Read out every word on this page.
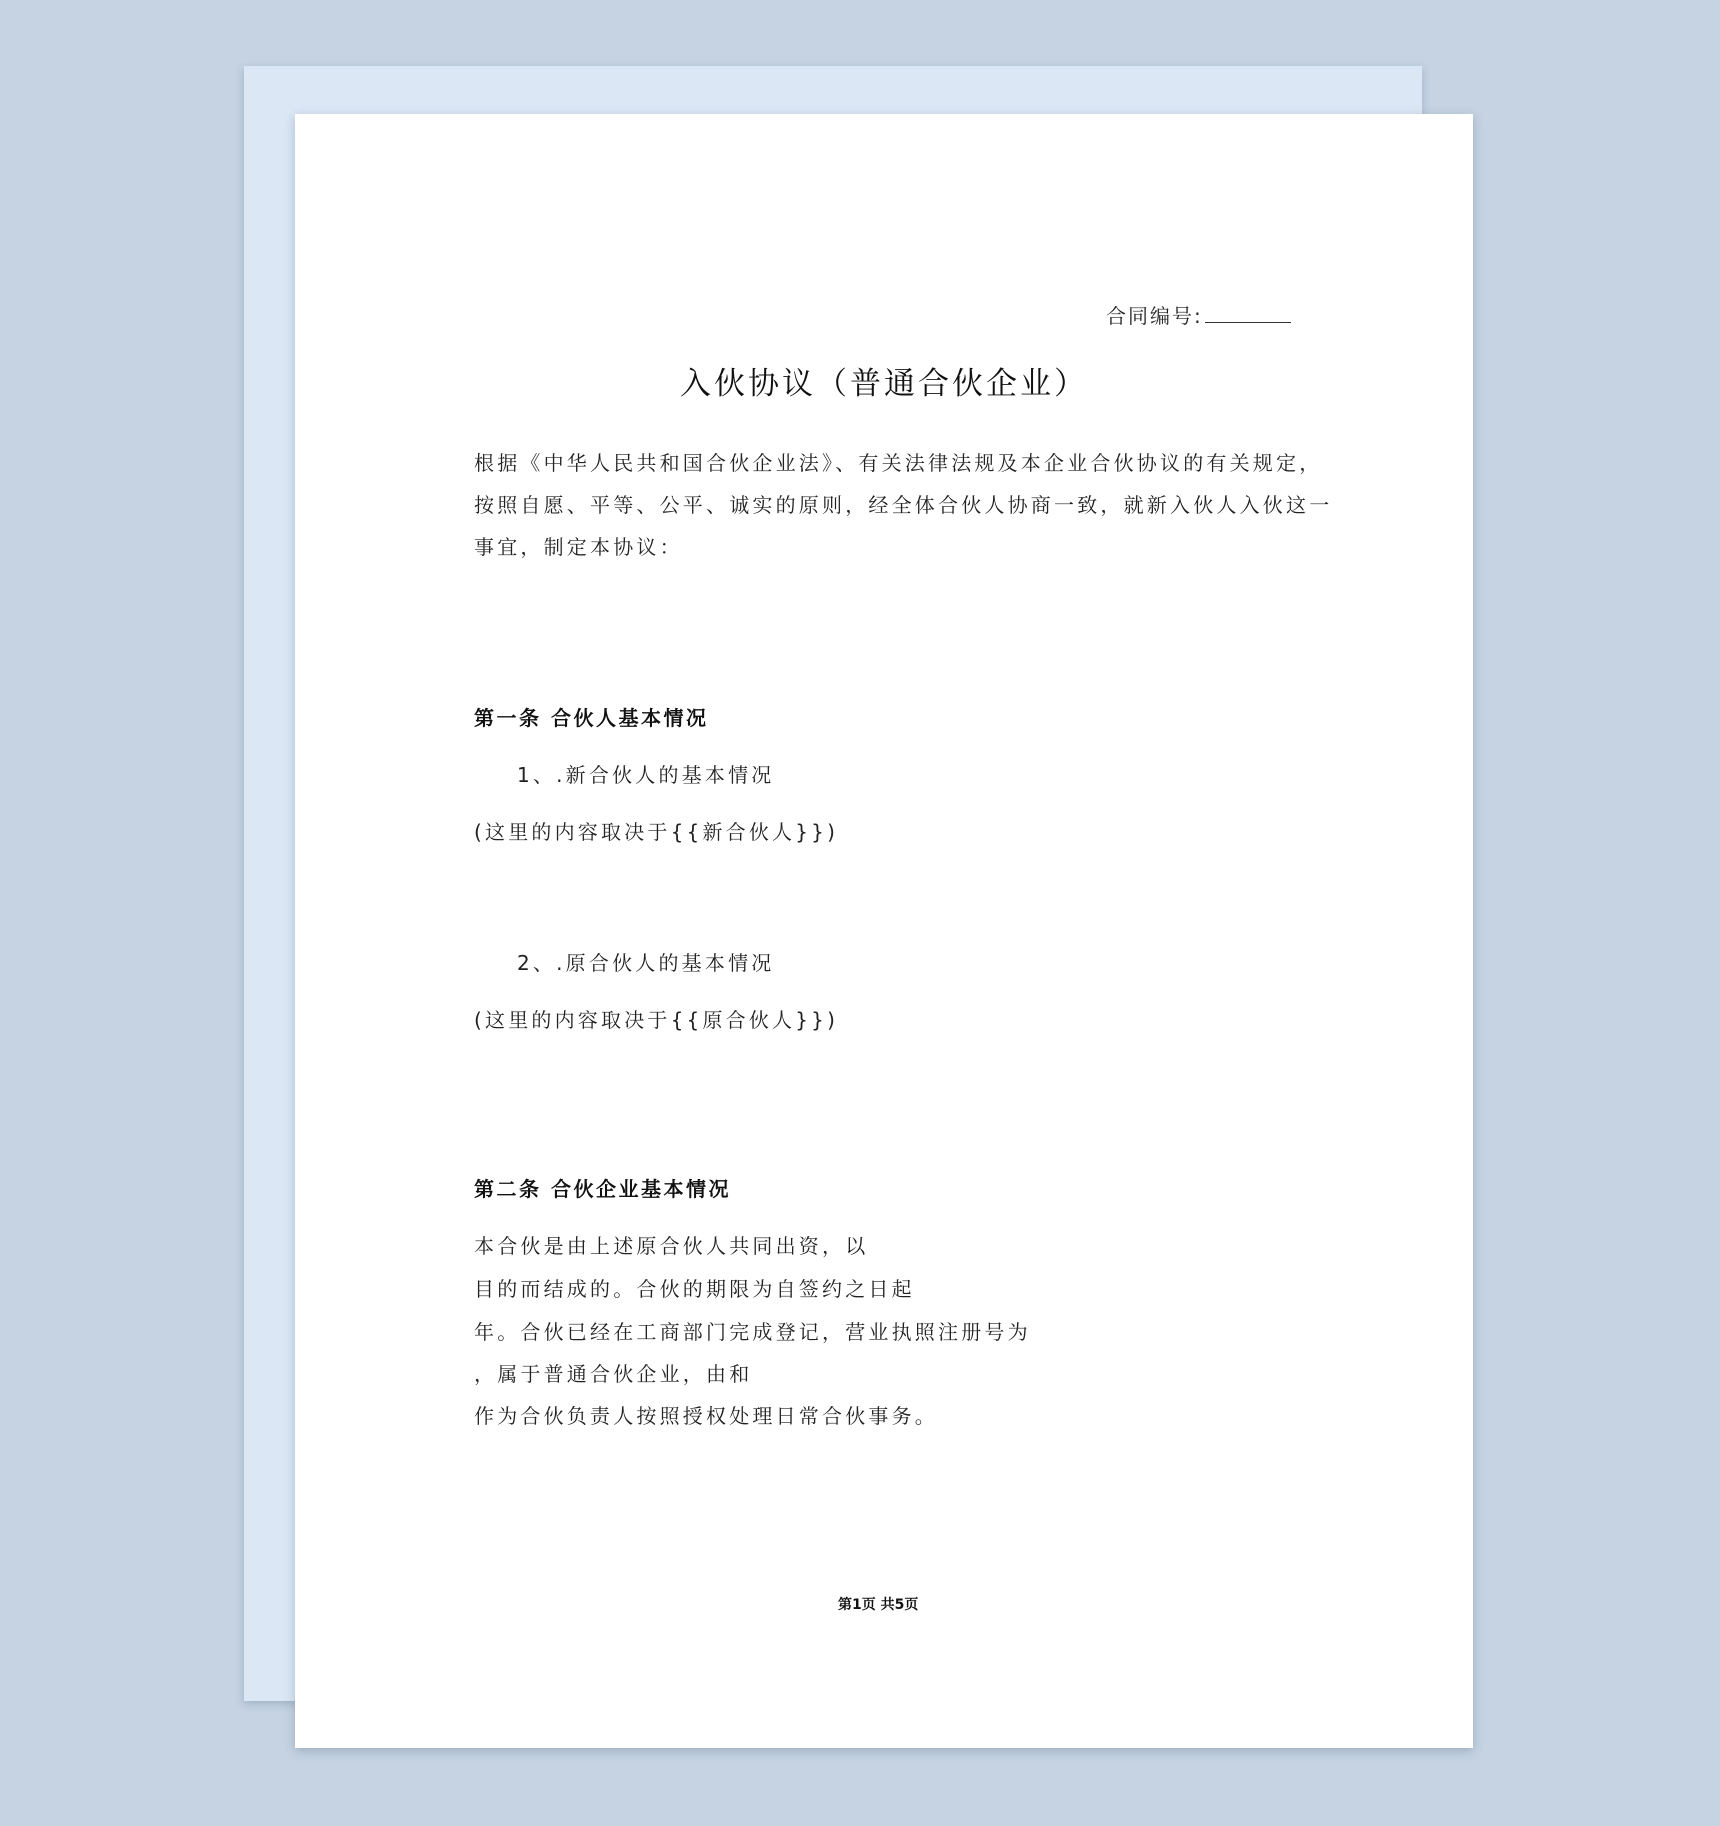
合同编号:
入伙协议（普通合伙企业）
根据《中华人民共和国合伙企业法》、有关法律法规及本企业合伙协议的有关规定，
按照自愿、平等、公平、诚实的原则，经全体合伙人协商一致，就新入伙人入伙这一
事宜，制定本协议：
第一条 合伙人基本情况
1、.新合伙人的基本情况
(这里的内容取决于{{新合伙人}})
2、.原合伙人的基本情况
(这里的内容取决于{{原合伙人}})
第二条 合伙企业基本情况
本合伙是由上述原合伙人共同出资，以
目的而结成的。合伙的期限为自签约之日起
年。合伙已经在工商部门完成登记，营业执照注册号为
，属于普通合伙企业，由和
作为合伙负责人按照授权处理日常合伙事务。
第1页 共5页
